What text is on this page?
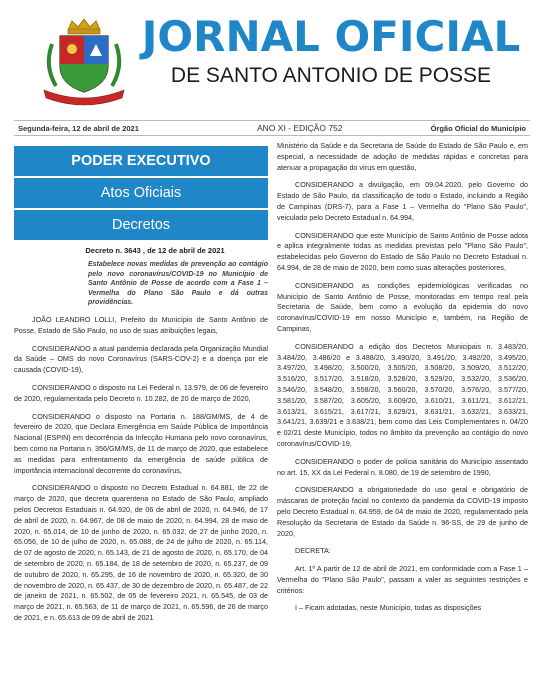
JORNAL OFICIAL
DE SANTO ANTONIO DE POSSE
Segunda-feira, 12 de abril de 2021	ANO XI - EDIÇÃO 752	Órgão Oficial do Município
PODER EXECUTIVO
Atos Oficiais
Decretos
Decreto n. 3643 , de 12 de abril de 2021
Estabelece novas medidas de prevenção ao contágio pelo novo coronavírus/COVID-19 no Município de Santo Antônio de Posse de acordo com a Fase 1 – Vermelha do Plano São Paulo e dá outras providências.

JOÃO LEANDRO LOLLI, Prefeito do Município de Santo Antônio de Posse, Estado de São Paulo, no uso de suas atribuições legais,

CONSIDERANDO a atual pandemia declarada pela Organização Mundial da Saúde – OMS do novo Coronavírus (SARS-COV-2) e a doença por ele causada (COVID-19),

CONSIDERANDO o disposto na Lei Federal n. 13.979, de 06 de fevereiro de 2020, regulamentada pelo Decreto n. 10.282, de 20 de março de 2020,

CONSIDERANDO o disposto na Portaria n. 188/GM/MS, de 4 de fevereiro de 2020, que Declara Emergência em Saúde Pública de Importância Nacional (ESPIN) em decorrência da Infecção Humana pelo novo coronavírus, bem como na Portaria n. 356/GM/MS, de 11 de março de 2020, que estabelece as medidas para enfrentamento da emergência de saúde pública de importância internacional decorrente do coronavírus,

CONSIDERANDO o disposto no Decreto Estadual n. 64.881, de 22 de março de 2020, que decreta quarentena no Estado de São Paulo, ampliado pelos Decretos Estaduais n. 64.920, de 06 de abril de 2020, n. 64.946, de 17 de abril de 2020, n. 64.967, de 08 de maio de 2020, n. 64.994, 28 de maio de 2020, n. 65.014, de 10 de junho de 2020, n. 65.032, de 27 de junho 2020, n. 65.056, de 10 de julho de 2020, n. 65.088, de 24 de julho de 2020, n. 65.114, de 07 de agosto de 2020, n. 65.143, de 21 de agosto de 2020, n. 65.170, de 04 de setembro de 2020, n. 65.184, de 18 de setembro de 2020, n. 65.237, de 09 de outubro de 2020, n. 65.295, de 16 de novembro de 2020, n. 65.320, de 30 de novembro de 2020, n. 65.437, de 30 de dezembro de 2020, n. 65.487, de 22 de janeiro de 2021, n. 65.502, de 05 de fevereiro 2021, n. 65.545, de 03 de março de 2021, n. 65.563, de 11 de março de 2021, n. 65.596, de 26 de março de 2021, e n. 65.613 de 09 de abril de 2021

Ministério da Saúde e da Secretaria de Saúde do Estado de São Paulo e, em especial, a necessidade de adoção de medidas rápidas e concretas para atenuar a propagação do vírus em questão,

CONSIDERANDO a divulgação, em 09.04.2020, pelo Governo do Estado de São Paulo, da classificação de todo o Estado, incluindo a Região de Campinas (DRS-7), para a Fase 1 – Vermelha do "Plano São Paulo", veiculado pelo Decreto Estadual n. 64.994,

CONSIDERANDO que este Município de Santo Antônio de Posse adota e aplica integralmente todas as medidas previstas pelo "Plano São Paulo", estabelecidas pelo Governo do Estado de São Paulo no Decreto Estadual n. 64.994, de 28 de maio de 2020, bem como suas alterações posteriores,

CONSIDERANDO as condições epidemiológicas verificadas no Município de Santo Antônio de Posse, monitoradas em tempo real pela Secretaria de Saúde, bem como a evolução da epidemia do novo coronavírus/COVID-19 em nosso Município e, também, na Região de Campinas,

CONSIDERANDO a edição dos Decretos Municipais n. 3.483/20, 3.484/20, 3.486/20 e 3.488/20, 3.490/20, 3.491/20, 3.492/20, 3.495/20, 3.497/20, 3.498/20, 3.500/20, 3.505/20, 3.508/20, 3.509/20, 3.512/20, 3.516/20, 3.517/20, 3.518/20, 3.528/20, 3.529/20, 3.532/20, 3.536/20, 3.546/20, 3.548/20, 3.558/20, 3.560/20, 3.570/20, 3.576/20, 3.577/20, 3.581/20, 3.587/20, 3.605/20, 3.609/20, 3.610/21, 3.611/21, 3.612/21, 3.613/21, 3.615/21, 3.617/21, 3.629/21, 3.631/21, 3.632/21, 3.633/21, 3.641/21, 3.639/21 e 3.638/21, bem como das Leis Complementares n. 04/20 e 02/21 deste Município, todos no âmbito da prevenção ao contágio do novo coronavírus/COVID-19,

CONSIDERANDO o poder de polícia sanitária do Município assentado no art. 15, XX da Lei Federal n. 8.080, de 19 de setembro de 1990,

CONSIDERANDO a obrigatoriedade do uso geral e obrigatório de máscaras de proteção facial no contexto da pandemia da COVID-19 imposto pelo Decreto Estadual n. 64.959, de 04 de maio de 2020, regulamentado pela Resolução da Secretaria de Estado da Saúde n. 96-SS, de 29 de junho de 2020,

DECRETA:

Art. 1º A partir de 12 de abril de 2021, em conformidade com a Fase 1 – Vermelha do "Plano São Paulo", passam a valer as seguintes restrições e critérios:

I – Ficam adotadas, neste Município, todas as disposições
